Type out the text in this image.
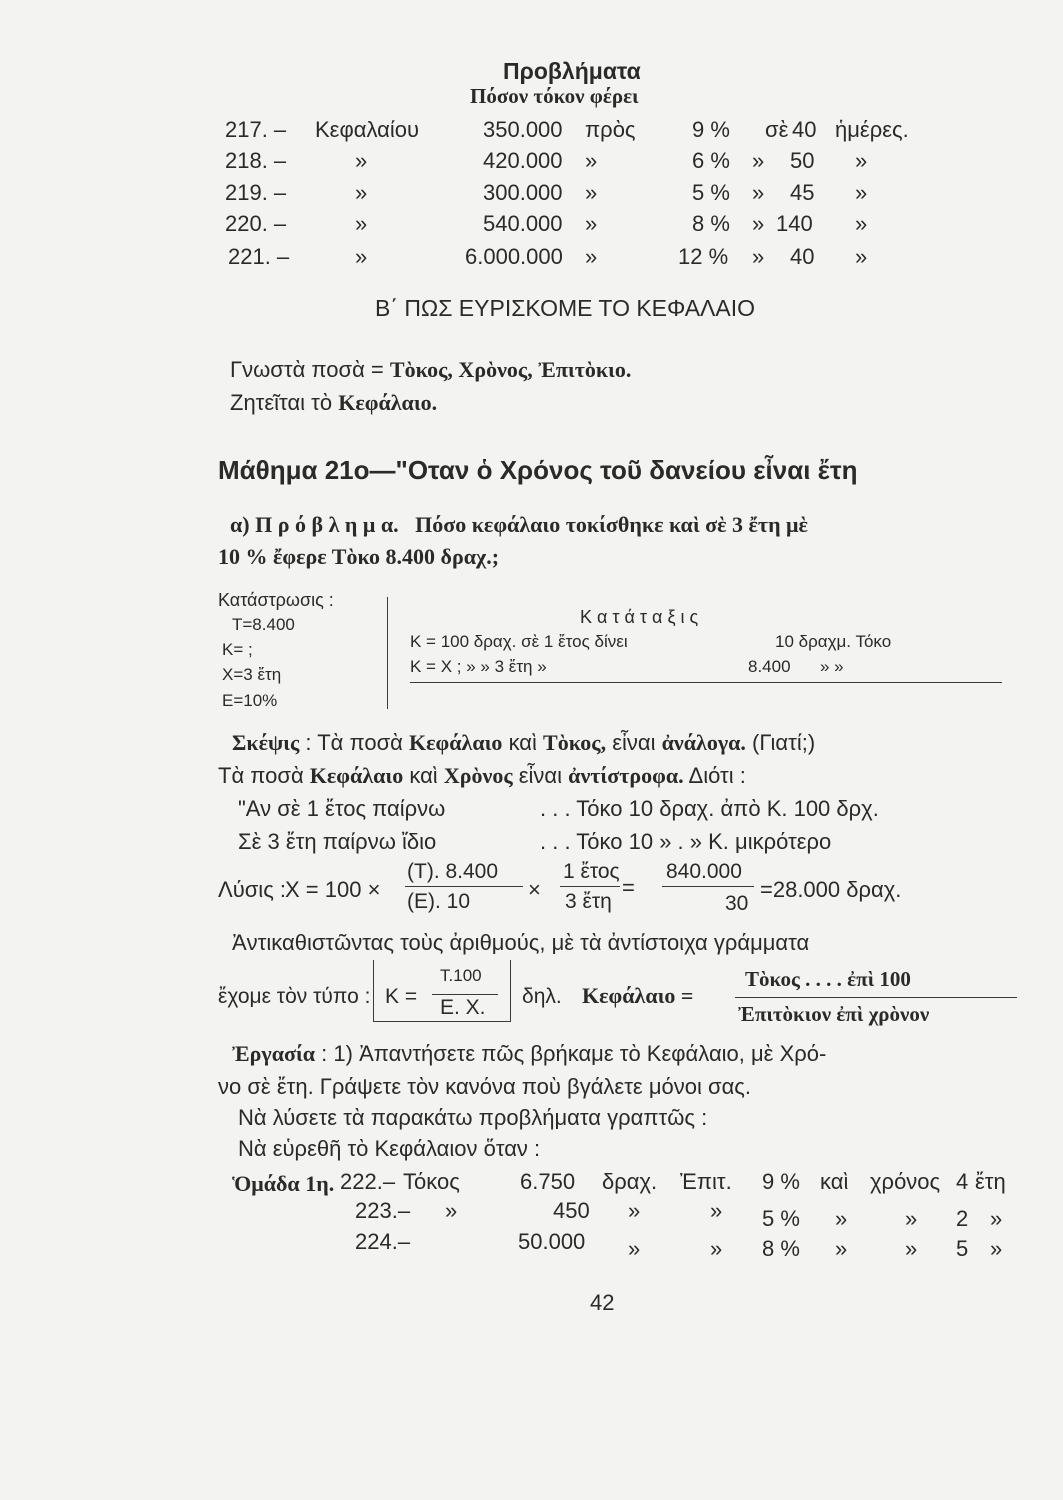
Προβλήματα
Πόσον τόκον φέρει
217. – Κεφαλαίου	350.000 πρὸς	9 % σὲ 40 ἡμέρες.
218. –	»	420.000 »	6 % » 50 »
219. –	»	300.000 »	5 % » 45 »
220. –	»	540.000 »	8 % » 140 »
221. –	»	6.000.000 »	12 % » 40 »
Β΄ ΠΩΣ ΕΥΡΙΣΚΟΜΕ ΤΟ ΚΕΦΑΛΑΙΟ
Γνωστὰ ποσὰ = Τὸκος, Χρὸνος, Ἐπιτὸκιο.
Ζητεῖται τὸ Κεφάλαιο.
Μάθημα 21ο—"Οταν ὁ Χρόνος τοῦ δανείου εἶναι ἔτη
α) Π ρ ό β λ η μ α. Πόσο κεφάλαιο τοκίσθηκε καὶ σὲ 3 ἔτη μὲ
10 % ἔφερε Τὸκο 8.400 δραχ.;
Κατάστρωσις :
Τ=8.400
Κ= ;
Χ=3 ἔτη
Ε=10%
Κ α τ ά τ α ξ ι ς
Κ = 100 δραχ. σὲ 1 ἔτος δίνει	10 δραχμ. Τόκο
Κ = Χ ; » » 3 ἔτη »	8.400 » »
Σκέψις : Τὰ ποσὰ Κεφάλαιο καὶ Τὸκος, εἶναι ἀνάλογα. (Γιατί;)
Τὰ ποσὰ Κεφάλαιο καὶ Χρὸνος εἶναι ἀντίστροφα. Διότι :
"Αν σὲ 1 ἔτος παίρνω	. . . Τόκο 10 δραχ. ἀπὸ Κ. 100 δρχ.
Σὲ 3 ἔτη παίρνω ἴδιο	. . . Τόκο 10 » . » Κ. μικρότερο
Λύσις :
Χ = 100 ×
(Τ). 8.400
(Ε). 10	×
1 ἔτος
3 ἔτη
=
840.000
30
=28.000 δραχ.
Ἀντικαθιστῶντας τοὺς ἀριθμούς, μὲ τὰ ἀντίστοιχα γράμματα
ἔχομε τὸν τύπο : Κ =
Τ.100
Ε. Χ. δηλ. Κεφάλαιο =
Τὸκος . . . . ἐπὶ 100
Ἐπιτὸκιον ἐπὶ χρὸνον
Ἐργασία : 1) Ἀπαντήσετε πῶς βρήκαμε τὸ Κεφάλαιο, μὲ Χρό-
νο σὲ ἔτη. Γράψετε τὸν κανόνα ποὺ βγάλετε μόνοι σας.
Νὰ λύσετε τὰ παρακάτω προβλήματα γραπτῶς :
Νὰ εὑρεθῆ τὸ Κεφάλαιον ὅταν :
Ὁμάδα 1η. 222.– Τόκος	6.750 δραχ. Ἐπιτ. 9 % καὶ χρόνος 4 ἔτη
223.– »	450 »	» 5 % »	» 2 »
224.–	50.000 »	» 8 % »	» 5 »
42
